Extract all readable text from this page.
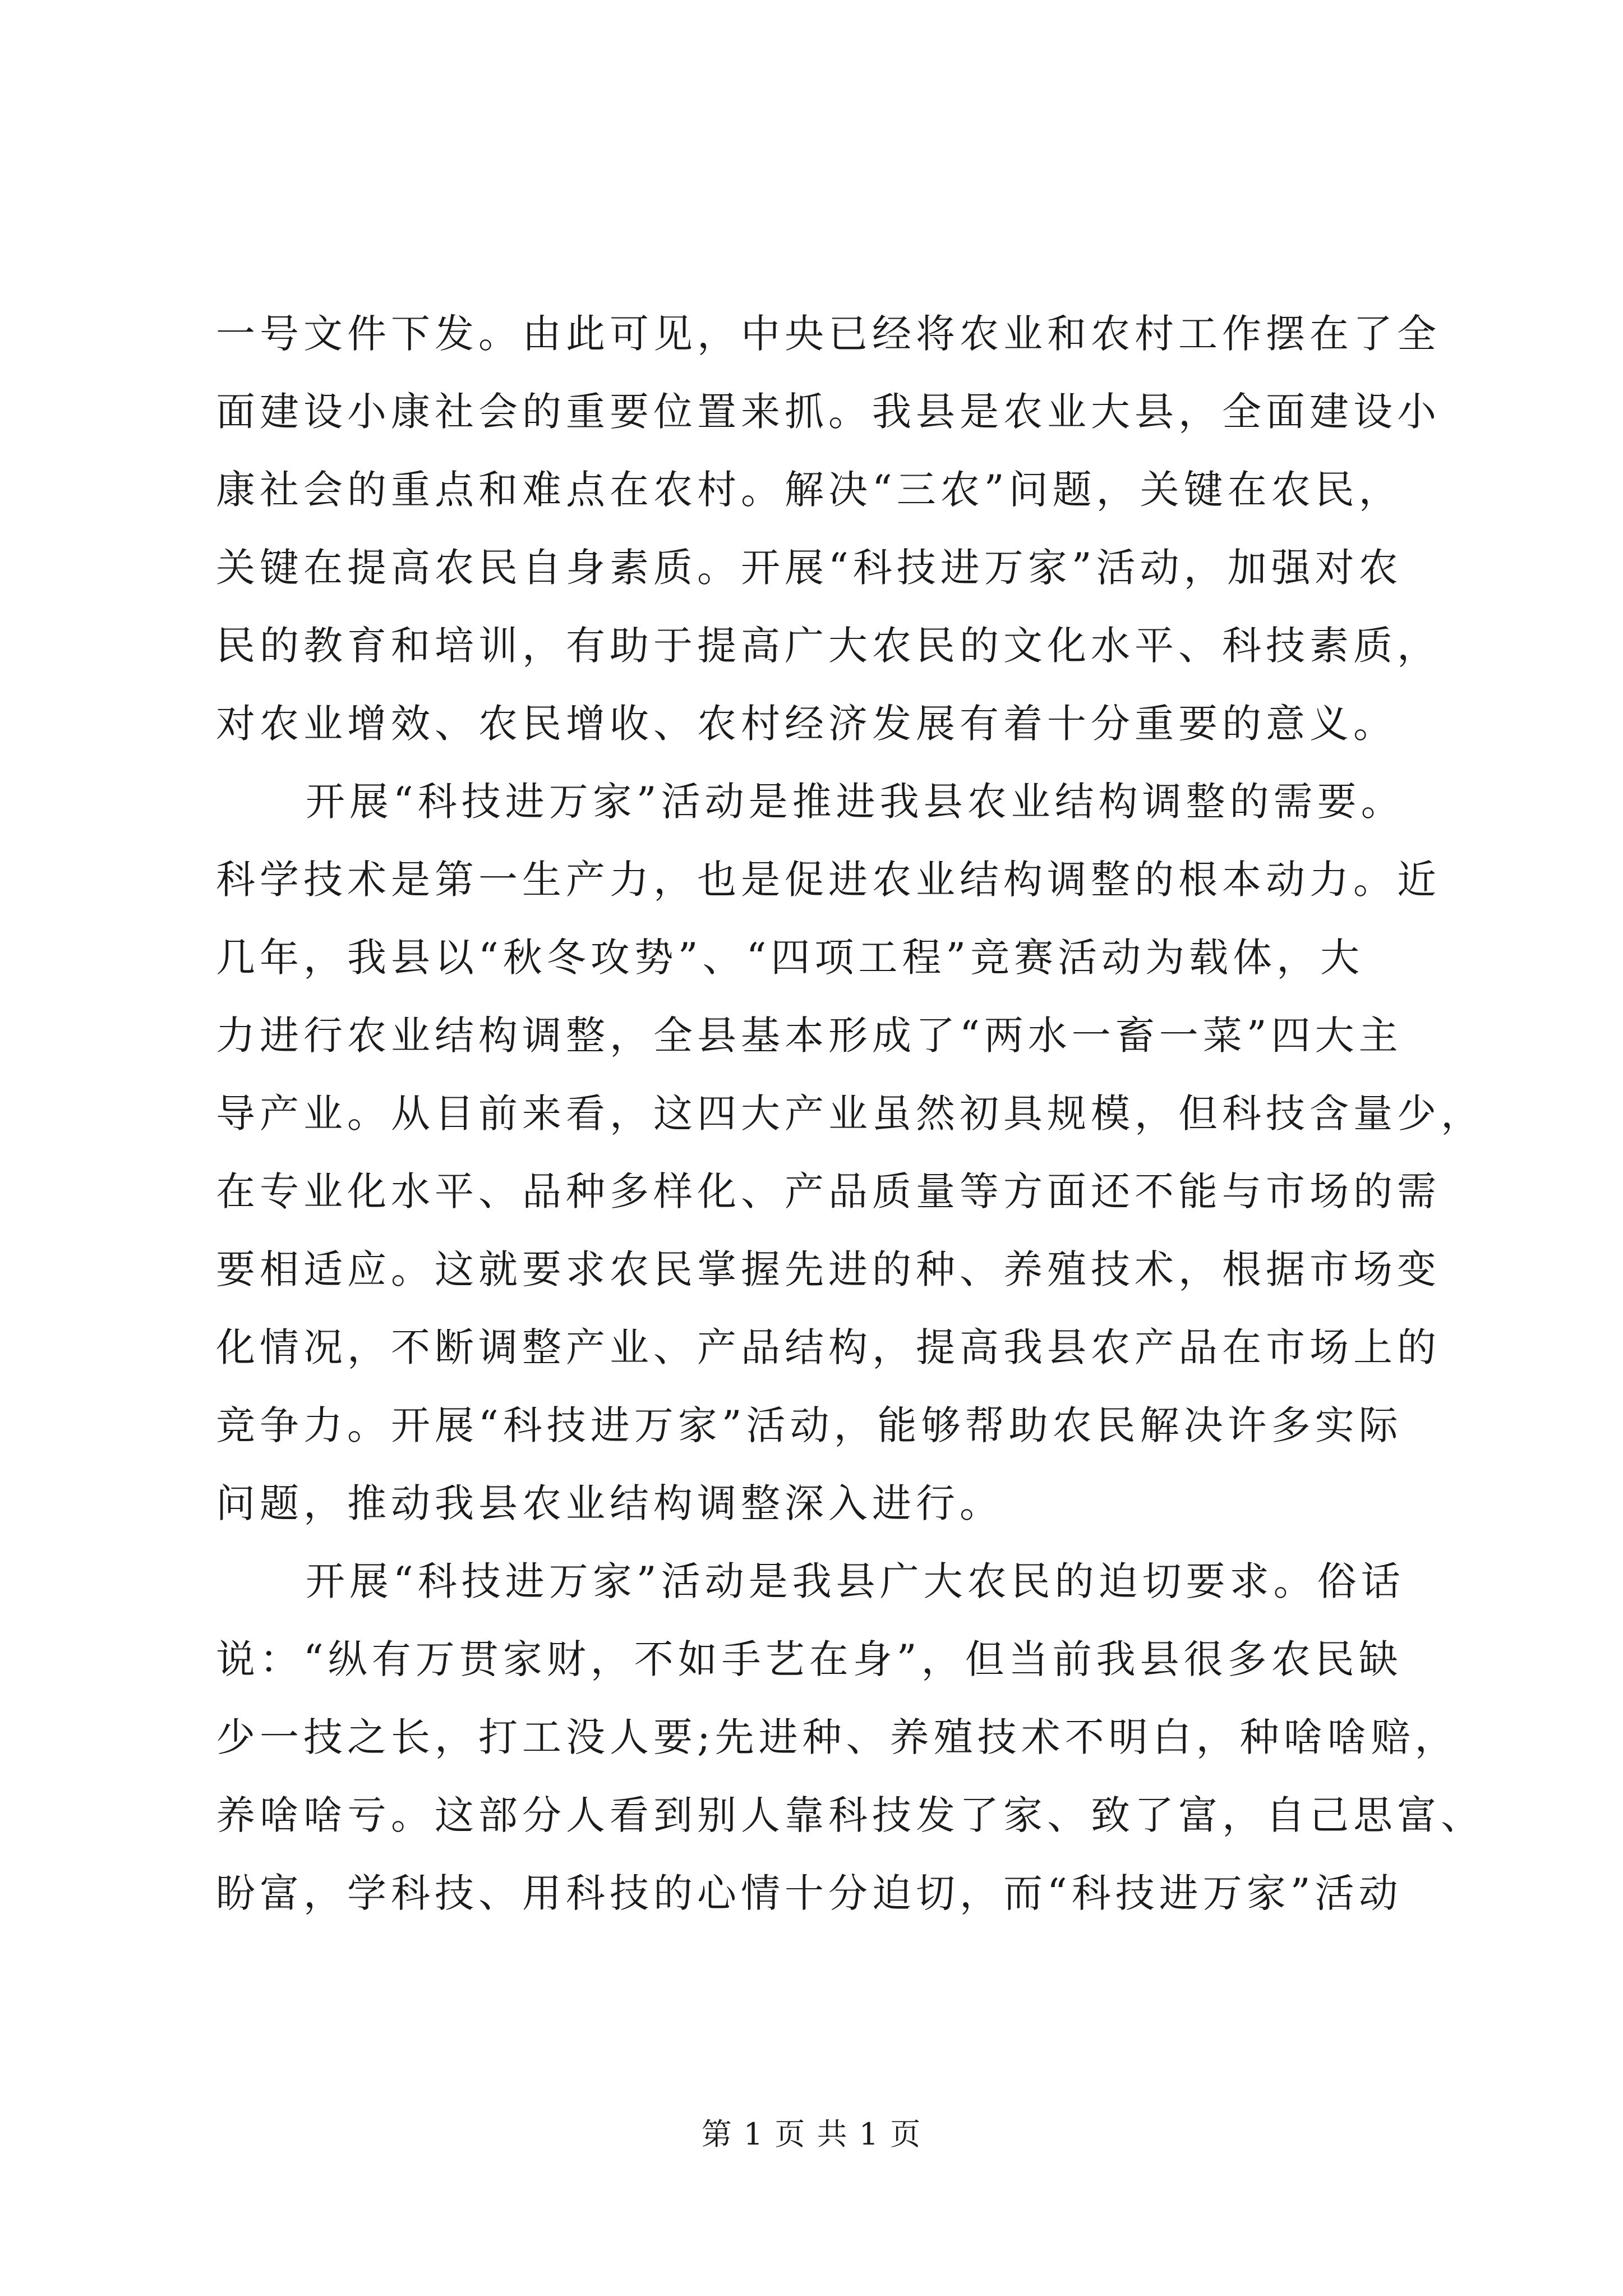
一号文件下发。由此可见，中央已经将农业和农村工作摆在了全

面建设小康社会的重要位置来抓。我县是农业大县，全面建设小

康社会的重点和难点在农村。解决“三农”问题，关键在农民，

关键在提高农民自身素质。开展“科技进万家”活动，加强对农

民的教育和培训，有助于提高广大农民的文化水平、科技素质，

对农业增效、农民增收、农村经济发展有着十分重要的意义。

开展“科技进万家”活动是推进我县农业结构调整的需要。

科学技术是第一生产力，也是促进农业结构调整的根本动力。近

几年，我县以“秋冬攻势”、“四项工程”竞赛活动为载体，大

力进行农业结构调整，全县基本形成了“两水一畜一菜”四大主

导产业。从目前来看，这四大产业虽然初具规模，但科技含量少，

在专业化水平、品种多样化、产品质量等方面还不能与市场的需

要相适应。这就要求农民掌握先进的种、养殖技术，根据市场变

化情况，不断调整产业、产品结构，提高我县农产品在市场上的

竞争力。开展“科技进万家”活动，能够帮助农民解决许多实际

问题，推动我县农业结构调整深入进行。

开展“科技进万家”活动是我县广大农民的迫切要求。俗话

说：“纵有万贯家财，不如手艺在身”，但当前我县很多农民缺

少一技之长，打工没人要;先进种、养殖技术不明白，种啥啥赔，

养啥啥亏。这部分人看到别人靠科技发了家、致了富，自己思富、

盼富，学科技、用科技的心情十分迫切，而“科技进万家”活动

第 1 页 共 1 页
